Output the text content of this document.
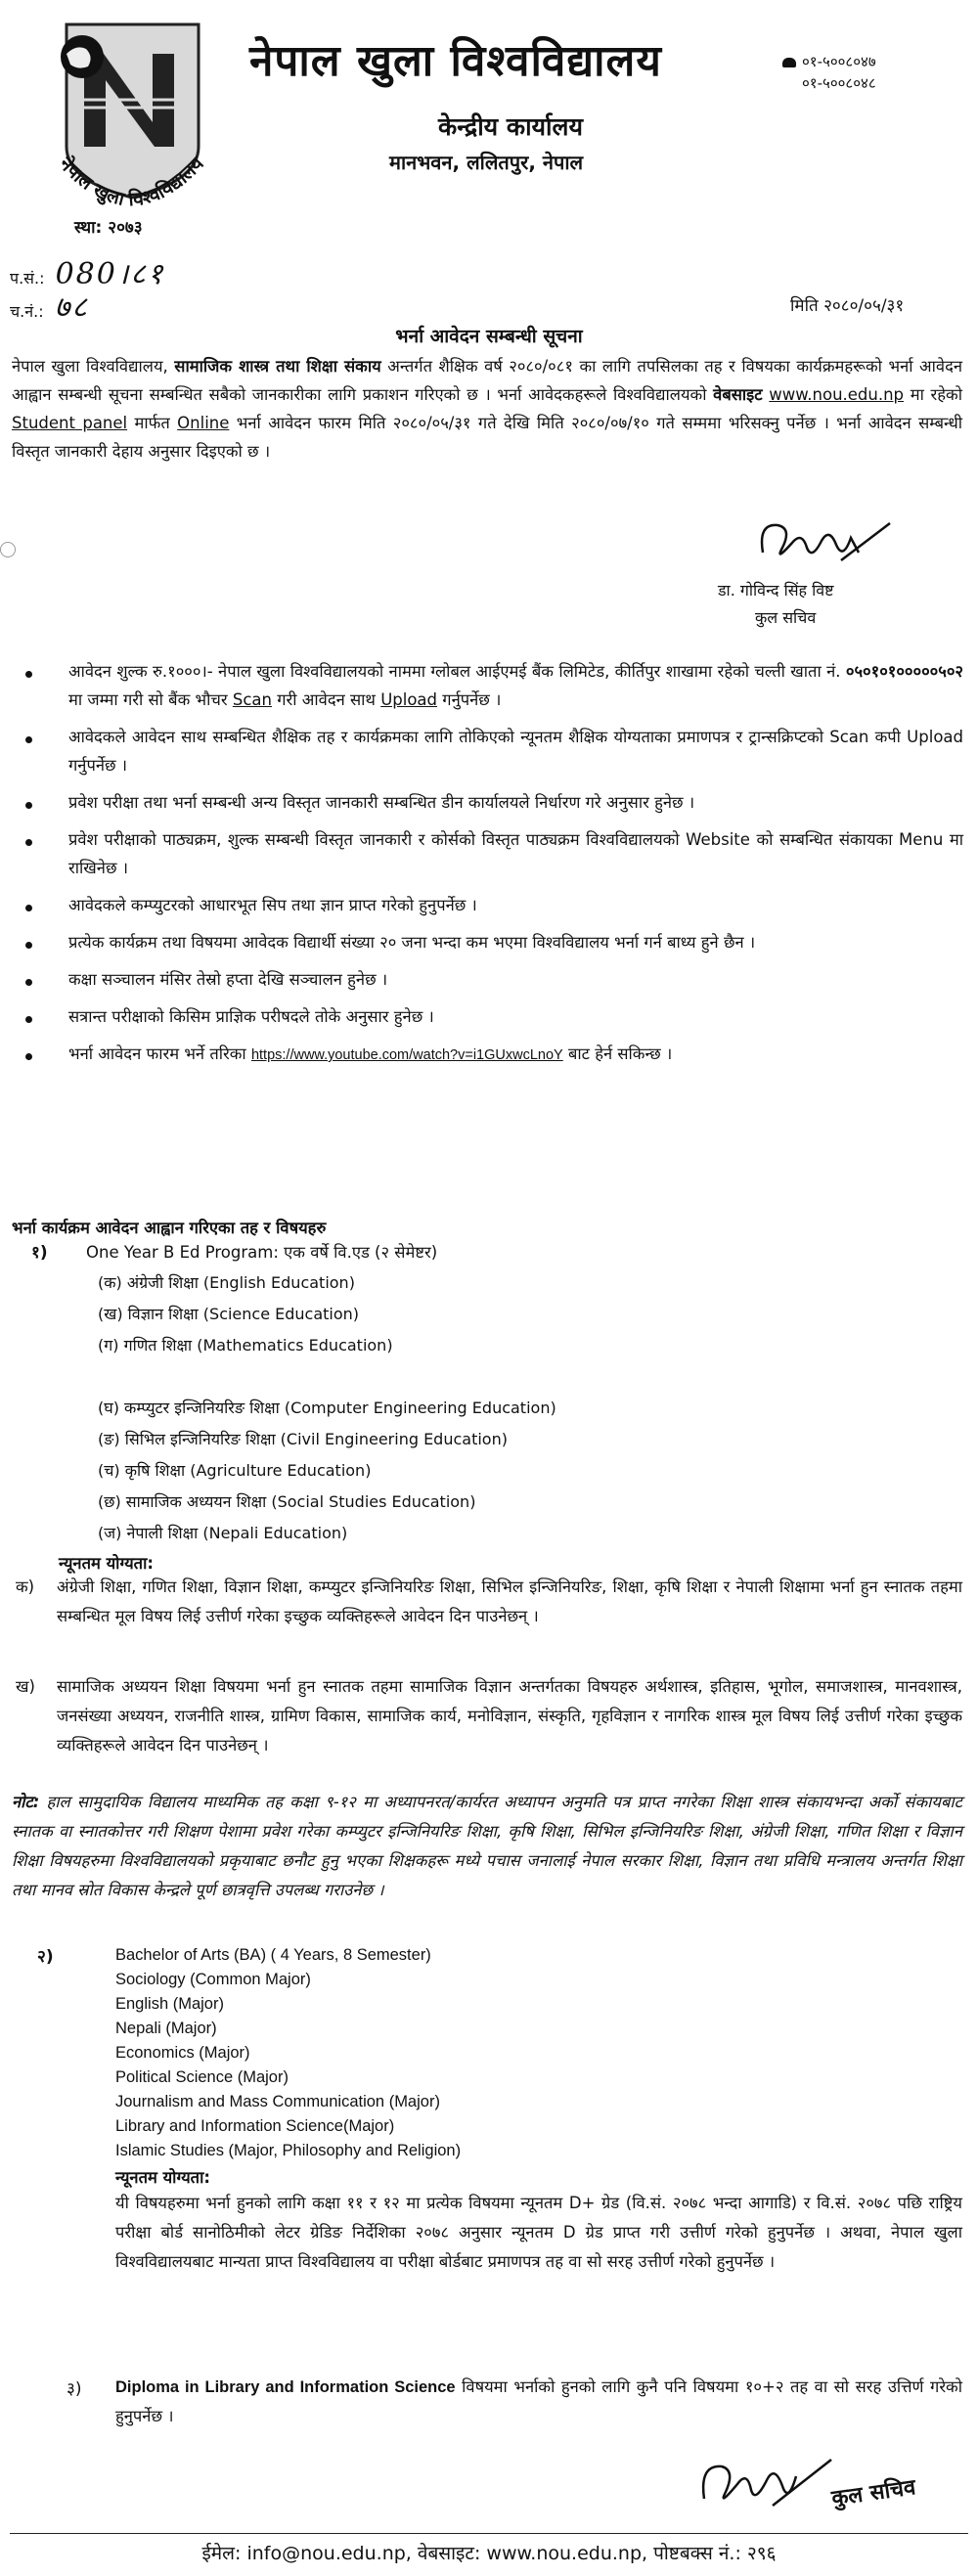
नेपाल खुला विश्वविद्यालय
स्था: २०७३
नेपाल खुला विश्वविद्यालय
केन्द्रीय कार्यालय
मानभवन, ललितपुर, नेपाल
०१-५००८०४७
०१-५००८०४८
प.सं.: 080।८१
च.नं.: ७८	मिति २०८०/०५/३१
भर्ना आवेदन सम्बन्धी सूचना
नेपाल खुला विश्वविद्यालय, सामाजिक शास्त्र तथा शिक्षा संकाय अन्तर्गत शैक्षिक वर्ष २०८०/०८१ का लागि तपसिलका तह र विषयका कार्यक्रमहरूको भर्ना आवेदन आह्वान सम्बन्धी सूचना सम्बन्धित सबैको जानकारीका लागि प्रकाशन गरिएको छ । भर्ना आवेदकहरूले विश्वविद्यालयको वेबसाइट www.nou.edu.np मा रहेको Student panel मार्फत Online भर्ना आवेदन फारम मिति २०८०/०५/३१ गते देखि मिति २०८०/०७/१० गते सम्ममा भरिसक्नु पर्नेछ । भर्ना आवेदन सम्बन्धी विस्तृत जानकारी देहाय अनुसार दिइएको छ ।
डा. गोविन्द सिंह विष्ट
कुल सचिव
आवेदन शुल्क रु.१०००।- नेपाल खुला विश्वविद्यालयको नाममा ग्लोबल आईएमई बैंक लिमिटेड, कीर्तिपुर शाखामा रहेको चल्ती खाता नं. ०५०१०१०००००५०२ मा जम्मा गरी सो बैंक भौचर Scan गरी आवेदन साथ Upload गर्नुपर्नेछ ।
आवेदकले आवेदन साथ सम्बन्धित शैक्षिक तह र कार्यक्रमका लागि तोकिएको न्यूनतम शैक्षिक योग्यताका प्रमाणपत्र र ट्रान्सक्रिप्टको Scan कपी Upload गर्नुपर्नेछ ।
प्रवेश परीक्षा तथा भर्ना सम्बन्धी अन्य विस्तृत जानकारी सम्बन्धित डीन कार्यालयले निर्धारण गरे अनुसार हुनेछ ।
प्रवेश परीक्षाको पाठ्यक्रम, शुल्क सम्बन्धी विस्तृत जानकारी र कोर्सको विस्तृत पाठ्यक्रम विश्वविद्यालयको Website को सम्बन्धित संकायका Menu मा राखिनेछ ।
आवेदकले कम्प्युटरको आधारभूत सिप तथा ज्ञान प्राप्त गरेको हुनुपर्नेछ ।
प्रत्येक कार्यक्रम तथा विषयमा आवेदक विद्यार्थी संख्या २० जना भन्दा कम भएमा विश्वविद्यालय भर्ना गर्न बाध्य हुने छैन ।
कक्षा सञ्चालन मंसिर तेस्रो हप्ता देखि सञ्चालन हुनेछ ।
सत्रान्त परीक्षाको किसिम प्राज्ञिक परीषदले तोके अनुसार हुनेछ ।
भर्ना आवेदन फारम भर्ने तरिका https://www.youtube.com/watch?v=i1GUxwcLnoY बाट हेर्न सकिन्छ ।
भर्ना कार्यक्रम आवेदन आह्वान गरिएका तह र विषयहरु
१) One Year B Ed Program: एक वर्षे वि.एड (२ सेमेष्टर)
(क) अंग्रेजी शिक्षा (English Education)
(ख) विज्ञान शिक्षा (Science Education)
(ग) गणित शिक्षा (Mathematics Education)
(घ) कम्प्युटर इन्जिनियरिङ शिक्षा (Computer Engineering Education)
(ङ) सिभिल इन्जिनियरिङ शिक्षा (Civil Engineering Education)
(च) कृषि शिक्षा (Agriculture Education)
(छ) सामाजिक अध्ययन शिक्षा (Social Studies Education)
(ज) नेपाली शिक्षा (Nepali Education)
न्यूनतम योग्यता:
क)	अंग्रेजी शिक्षा, गणित शिक्षा, विज्ञान शिक्षा, कम्प्युटर इन्जिनियरिङ शिक्षा, सिभिल इन्जिनियरिङ, शिक्षा, कृषि शिक्षा र नेपाली शिक्षामा भर्ना हुन स्नातक तहमा सम्बन्धित मूल विषय लिई उत्तीर्ण गरेका इच्छुक व्यक्तिहरूले आवेदन दिन पाउनेछन् ।
ख)	सामाजिक अध्ययन शिक्षा विषयमा भर्ना हुन स्नातक तहमा सामाजिक विज्ञान अन्तर्गतका विषयहरु अर्थशास्त्र, इतिहास, भूगोल, समाजशास्त्र, मानवशास्त्र, जनसंख्या अध्ययन, राजनीति शास्त्र, ग्रामिण विकास, सामाजिक कार्य, मनोविज्ञान, संस्कृति, गृहविज्ञान र नागरिक शास्त्र मूल विषय लिई उत्तीर्ण गरेका इच्छुक व्यक्तिहरूले आवेदन दिन पाउनेछन् ।
नोट: हाल सामुदायिक विद्यालय माध्यमिक तह कक्षा ९-१२ मा अध्यापनरत/कार्यरत अध्यापन अनुमति पत्र प्राप्त नगरेका शिक्षा शास्त्र संकायभन्दा अर्को संकायबाट स्नातक वा स्नातकोत्तर गरी शिक्षण पेशामा प्रवेश गरेका कम्प्युटर इन्जिनियरिङ शिक्षा, कृषि शिक्षा, सिभिल इन्जिनियरिङ शिक्षा, अंग्रेजी शिक्षा, गणित शिक्षा र विज्ञान शिक्षा विषयहरुमा विश्वविद्यालयको प्रकृयाबाट छनौट हुनु भएका शिक्षकहरू मध्ये पचास जनालाई नेपाल सरकार शिक्षा, विज्ञान तथा प्रविधि मन्त्रालय अन्तर्गत शिक्षा तथा मानव स्रोत विकास केन्द्रले पूर्ण छात्रवृत्ति उपलब्ध गराउनेछ ।
२)	Bachelor of Arts (BA) ( 4 Years, 8 Semester)
Sociology (Common Major)
English (Major)
Nepali (Major)
Economics (Major)
Political Science (Major)
Journalism and Mass Communication (Major)
Library and Information Science(Major)
Islamic Studies (Major, Philosophy and Religion)
न्यूनतम योग्यता:
यी विषयहरुमा भर्ना हुनको लागि कक्षा ११ र १२ मा प्रत्येक विषयमा न्यूनतम D+ ग्रेड (वि.सं. २०७८ भन्दा आगाडि) र वि.सं. २०७८ पछि राष्ट्रिय परीक्षा बोर्ड सानोठिमीको लेटर ग्रेडिङ निर्देशिका २०७८ अनुसार न्यूनतम D ग्रेड प्राप्त गरी उत्तीर्ण गरेको हुनुपर्नेछ । अथवा, नेपाल खुला विश्वविद्यालयबाट मान्यता प्राप्त विश्वविद्यालय वा परीक्षा बोर्डबाट प्रमाणपत्र तह वा सो सरह उत्तीर्ण गरेको हुनुपर्नेछ ।
३) Diploma in Library and Information Science विषयमा भर्नाको हुनको लागि कुनै पनि विषयमा १०+२ तह वा सो सरह उत्तिर्ण गरेको हुनुपर्नेछ ।
कुल सचिव
ईमेल: info@nou.edu.np, वेबसाइट: www.nou.edu.np, पोष्टबक्स नं.: २९६
